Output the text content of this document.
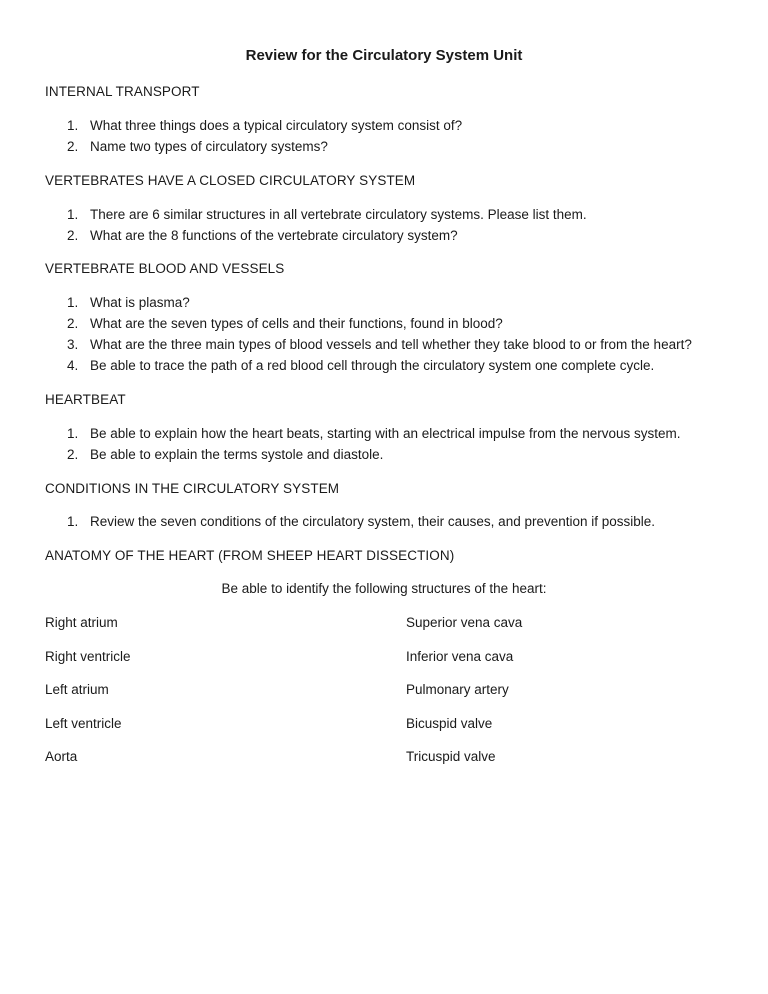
Review for the Circulatory System Unit
INTERNAL TRANSPORT
1. What three things does a typical circulatory system consist of?
2. Name two types of circulatory systems?
VERTEBRATES HAVE A CLOSED CIRCULATORY SYSTEM
1. There are 6 similar structures in all vertebrate circulatory systems. Please list them.
2. What are the 8 functions of the vertebrate circulatory system?
VERTEBRATE BLOOD AND VESSELS
1. What is plasma?
2. What are the seven types of cells and their functions, found in blood?
3. What are the three main types of blood vessels and tell whether they take blood to or from the heart?
4. Be able to trace the path of a red blood cell through the circulatory system one complete cycle.
HEARTBEAT
1. Be able to explain how the heart beats, starting with an electrical impulse from the nervous system.
2. Be able to explain the terms systole and diastole.
CONDITIONS IN THE CIRCULATORY SYSTEM
1. Review the seven conditions of the circulatory system, their causes, and prevention if possible.
ANATOMY OF THE HEART (FROM SHEEP HEART DISSECTION)

Be able to identify the following structures of the heart:

Right atrium
Right ventricle
Left atrium
Left ventricle
Aorta
Superior vena cava
Inferior vena cava
Pulmonary artery
Bicuspid valve
Tricuspid valve
